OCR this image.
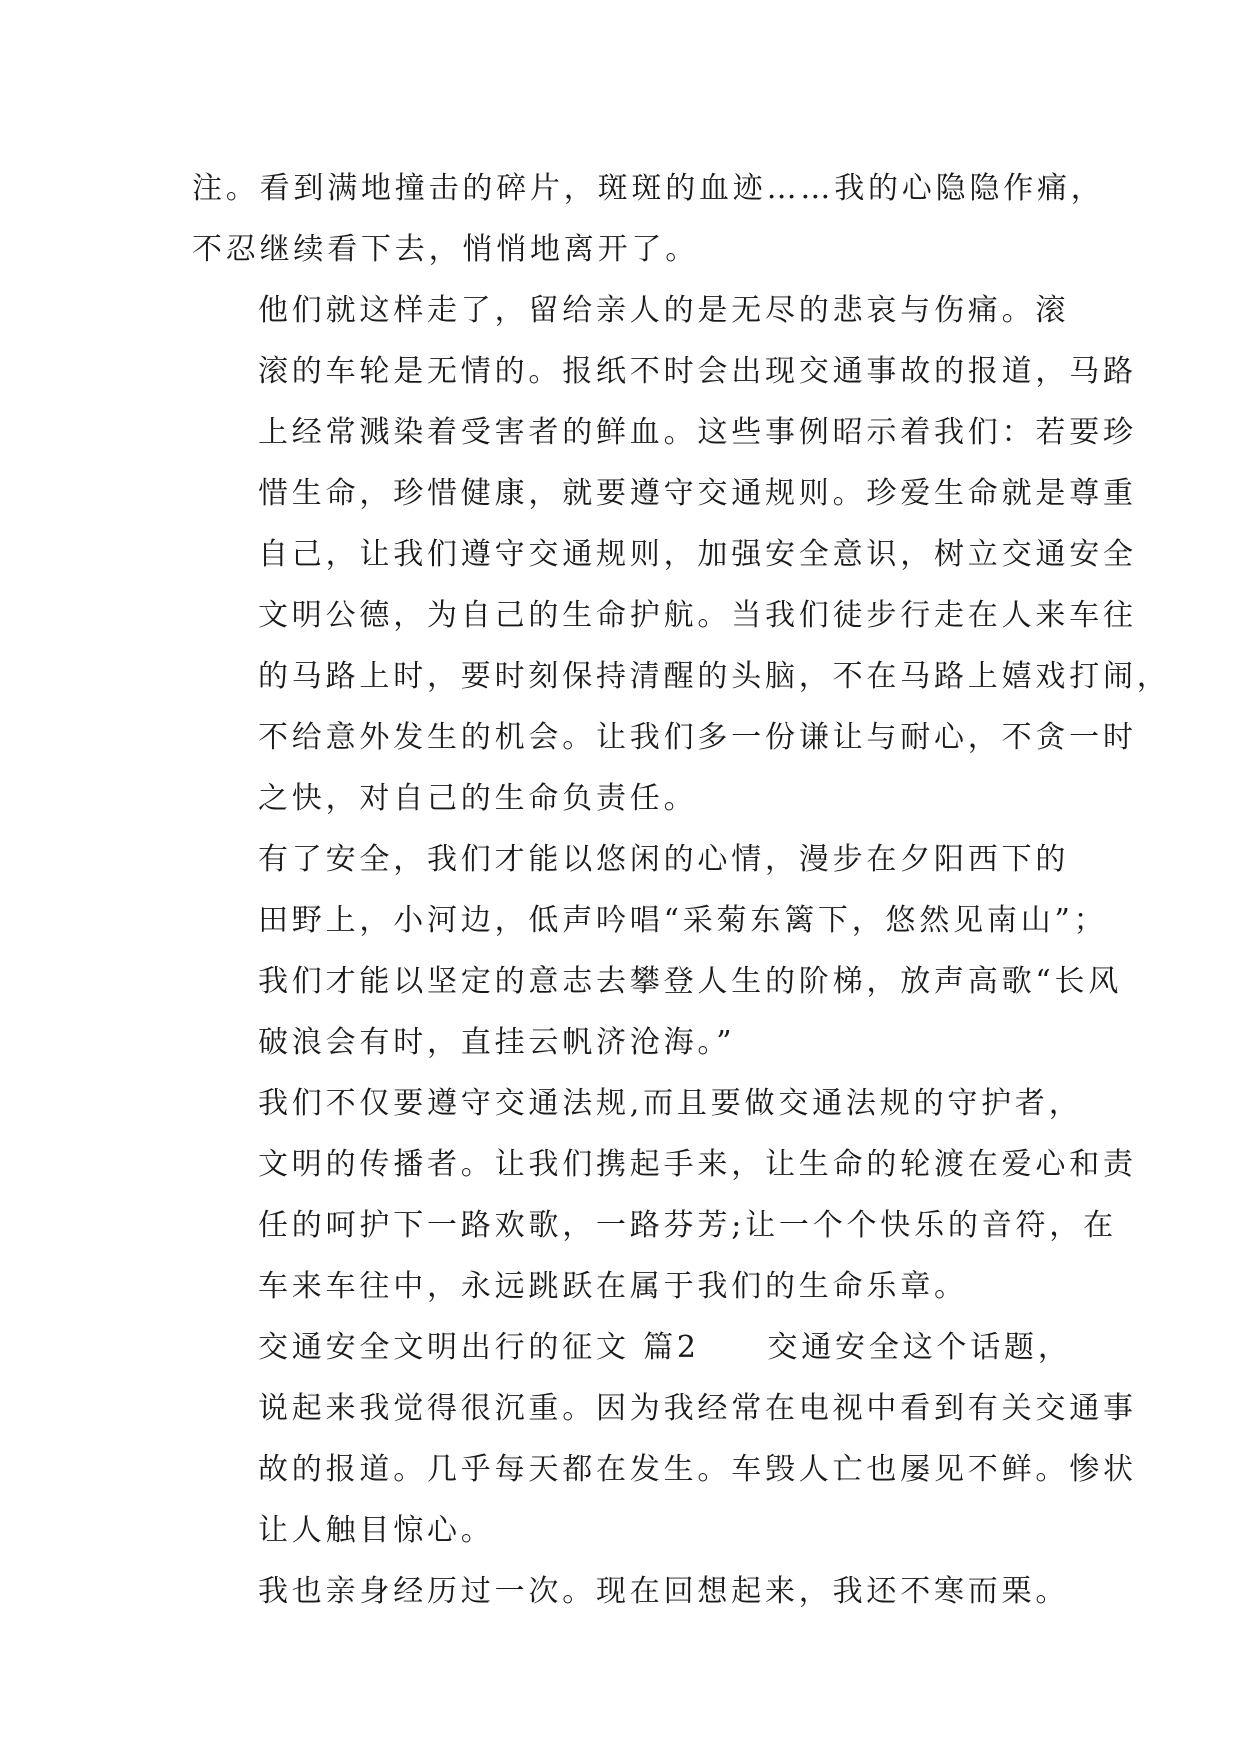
注。看到满地撞击的碎片，斑斑的血迹……我的心隐隐作痛，
不忍继续看下去，悄悄地离开了。

他们就这样走了，留给亲人的是无尽的悲哀与伤痛。滚
滚的车轮是无情的。报纸不时会出现交通事故的报道，马路
上经常溅染着受害者的鲜血。这些事例昭示着我们：若要珍
惜生命，珍惜健康，就要遵守交通规则。珍爱生命就是尊重
自己，让我们遵守交通规则，加强安全意识，树立交通安全
文明公德，为自己的生命护航。当我们徒步行走在人来车往
的马路上时，要时刻保持清醒的头脑，不在马路上嬉戏打闹，
不给意外发生的机会。让我们多一份谦让与耐心，不贪一时
之快，对自己的生命负责任。

有了安全，我们才能以悠闲的心情，漫步在夕阳西下的
田野上，小河边，低声吟唱“采菊东篱下，悠然见南山”；
我们才能以坚定的意志去攀登人生的阶梯，放声高歌“长风
破浪会有时，直挂云帆济沧海。”

我们不仅要遵守交通法规,而且要做交通法规的守护者，
文明的传播者。让我们携起手来，让生命的轮渡在爱心和责
任的呵护下一路欢歌，一路芬芳;让一个个快乐的音符，在
车来车往中，永远跳跃在属于我们的生命乐章。

交通安全文明出行的征文 篇2　　交通安全这个话题，
说起来我觉得很沉重。因为我经常在电视中看到有关交通事
故的报道。几乎每天都在发生。车毁人亡也屡见不鲜。惨状
让人触目惊心。

我也亲身经历过一次。现在回想起来，我还不寒而栗。
